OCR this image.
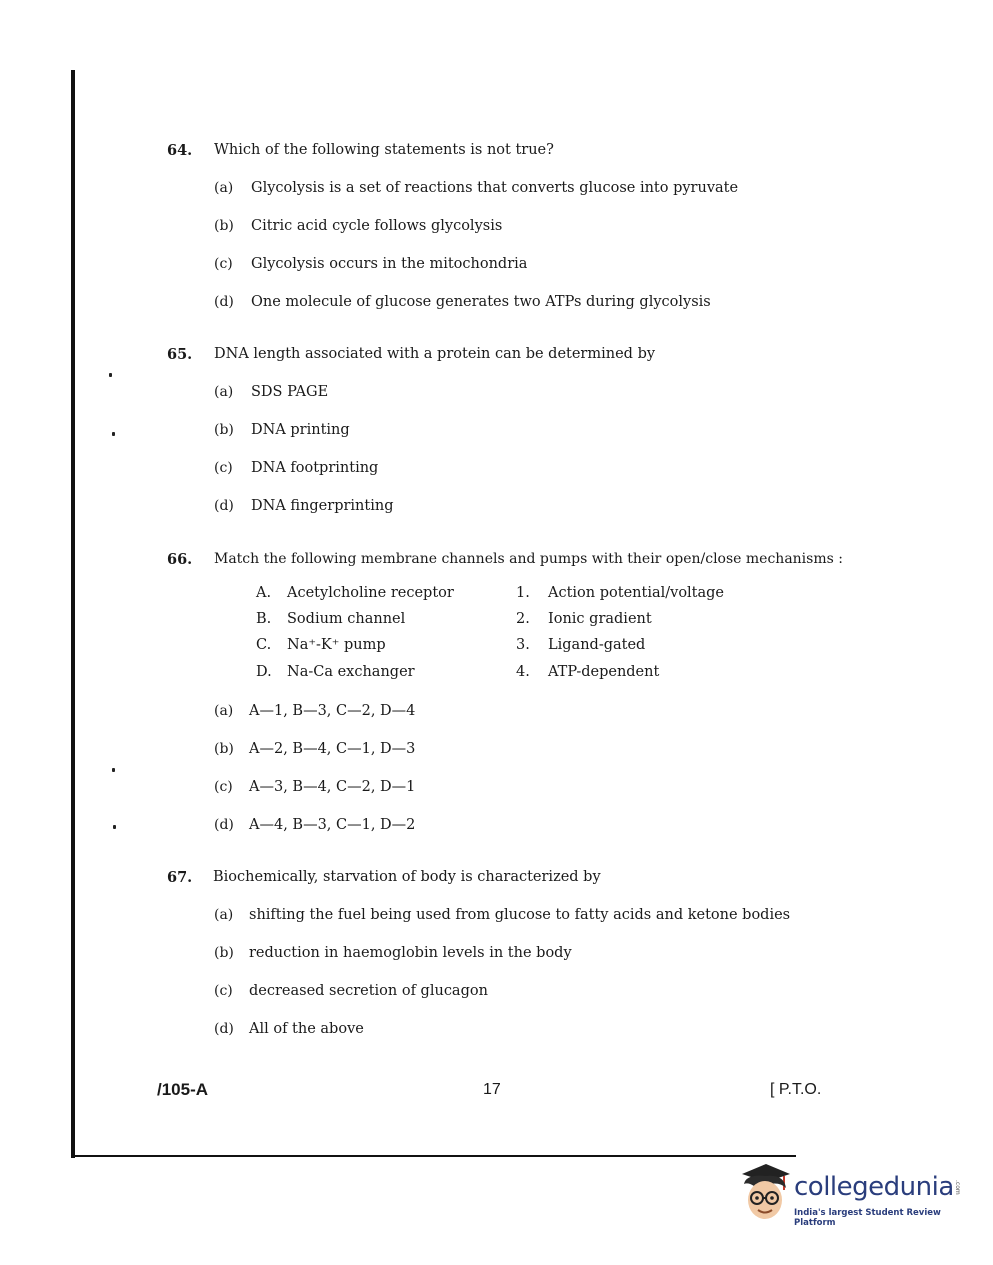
64. Which of the following statements is not true?
(a) Glycolysis is a set of reactions that converts glucose into pyruvate
(b) Citric acid cycle follows glycolysis
(c) Glycolysis occurs in the mitochondria
(d) One molecule of glucose generates two ATPs during glycolysis
65. DNA length associated with a protein can be determined by
(a) SDS PAGE
(b) DNA printing
(c) DNA footprinting
(d) DNA fingerprinting
66. Match the following membrane channels and pumps with their open/close mechanisms :
A. Acetylcholine receptor
B. Sodium channel
C. Na⁺-K⁺ pump
D. Na-Ca exchanger
1. Action potential/voltage
2. Ionic gradient
3. Ligand-gated
4. ATP-dependent
(a) A—1, B—3, C—2, D—4
(b) A—2, B—4, C—1, D—3
(c) A—3, B—4, C—2, D—1
(d) A—4, B—3, C—1, D—2
67. Biochemically, starvation of body is characterized by
(a) shifting the fuel being used from glucose to fatty acids and ketone bodies
(b) reduction in haemoglobin levels in the body
(c) decreased secretion of glucagon
(d) All of the above
/105-A	17	[ P.T.O.
collegedunia .com
India's largest Student Review Platform
